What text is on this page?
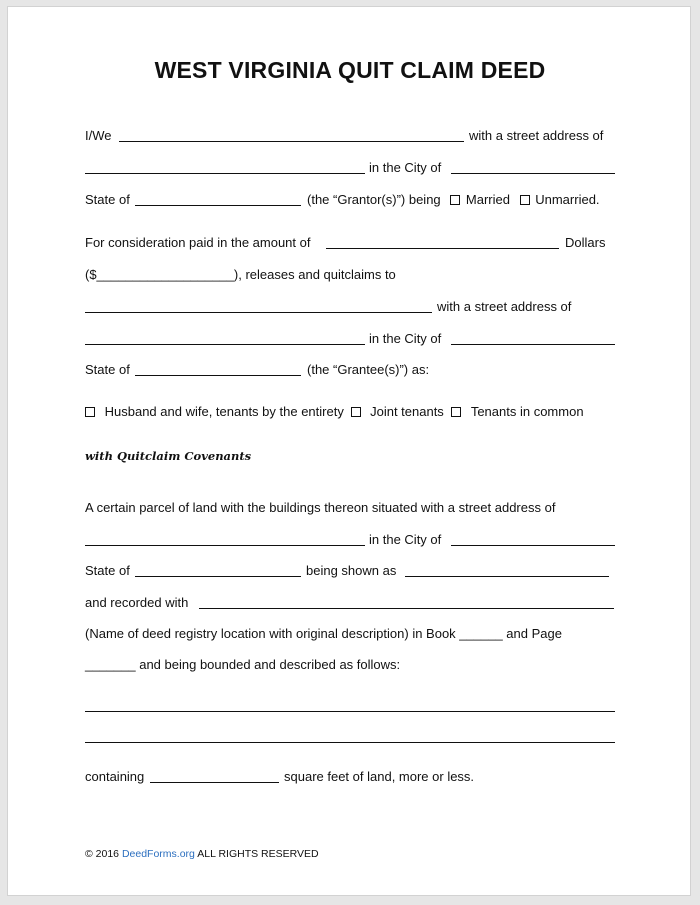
WEST VIRGINIA QUIT CLAIM DEED
I/We	with a street address of
in the City of
State of	(the “Grantor(s)”) being Married Unmarried.
For consideration paid in the amount of	Dollars
($___________________), releases and quitclaims to
with a street address of
in the City of
State of	(the “Grantee(s)”) as:
Husband and wife, tenants by the entirety Joint tenants Tenants in common
with Quitclaim Covenants
A certain parcel of land with the buildings thereon situated with a street address of
in the City of
State of	being shown as
and recorded with
(Name of deed registry location with original description) in Book ______ and Page
_______ and being bounded and described as follows:
containing	square feet of land, more or less.
© 2016 DeedForms.org ALL RIGHTS RESERVED
